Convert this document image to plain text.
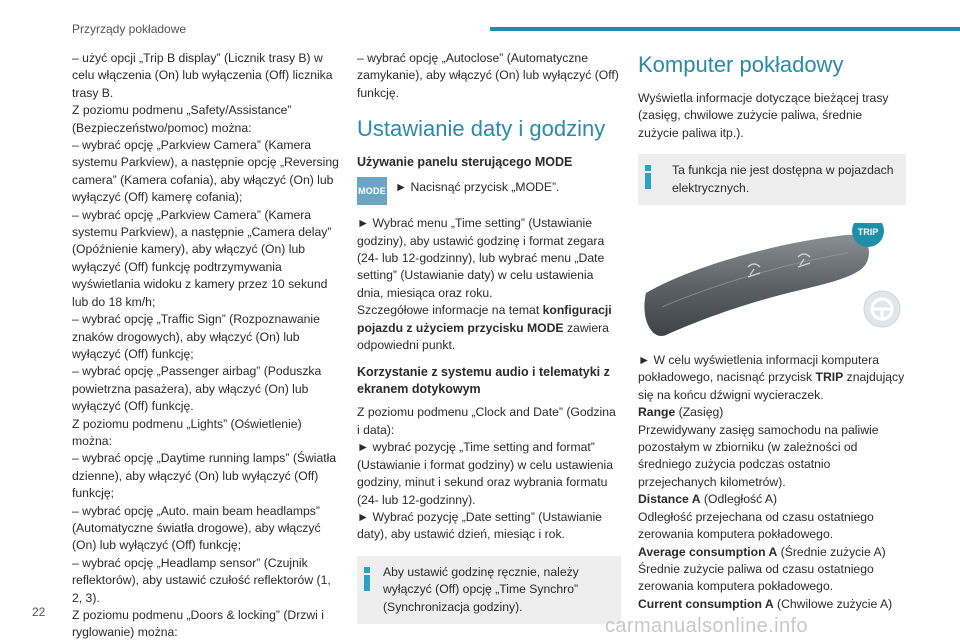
Przyrządy pokładowe

– użyć opcji „Trip B display” (Licznik trasy B) w celu włączenia (On) lub wyłączenia (Off) licznika trasy B.

Z poziomu podmenu „Safety/Assistance” (Bezpieczeństwo/pomoc) można:

– wybrać opcję „Parkview Camera” (Kamera systemu Parkview), a następnie opcję „Reversing camera” (Kamera cofania), aby włączyć (On) lub wyłączyć (Off) kamerę cofania);

– wybrać opcję „Parkview Camera” (Kamera systemu Parkview), a następnie „Camera delay” (Opóźnienie kamery), aby włączyć (On) lub wyłączyć (Off) funkcję podtrzymywania wyświetlania widoku z kamery przez 10 sekund lub do 18 km/h;

– wybrać opcję „Traffic Sign” (Rozpoznawanie znaków drogowych), aby włączyć (On) lub wyłączyć (Off) funkcję;

– wybrać opcję „Passenger airbag” (Poduszka powietrzna pasażera), aby włączyć (On) lub wyłączyć (Off) funkcję.

Z poziomu podmenu „Lights” (Oświetlenie) można:

– wybrać opcję „Daytime running lamps” (Światła dzienne), aby włączyć (On) lub wyłączyć (Off) funkcję;

– wybrać opcję „Auto. main beam headlamps” (Automatyczne światła drogowe), aby włączyć (On) lub wyłączyć (Off) funkcję;

– wybrać opcję „Headlamp sensor” (Czujnik reflektorów), aby ustawić czułość reflektorów (1, 2, 3).

Z poziomu podmenu „Doors & locking” (Drzwi i ryglowanie) można:

– wybrać opcję „Autoclose” (Automatyczne zamykanie), aby włączyć (On) lub wyłączyć (Off) funkcję.

Ustawianie daty i godziny
Używanie panelu sterującego MODE
MODE ► Nacisnąć przycisk „MODE”.

► Wybrać menu „Time setting” (Ustawianie godziny), aby ustawić godzinę i format zegara (24- lub 12-godzinny), lub wybrać menu „Date setting” (Ustawianie daty) w celu ustawienia dnia, miesiąca oraz roku.

Szczegółowe informacje na temat konfiguracji pojazdu z użyciem przycisku MODE zawiera odpowiedni punkt.

Korzystanie z systemu audio i telematyki z ekranem dotykowym

Z poziomu podmenu „Clock and Date” (Godzina i data):

► wybrać pozycję „Time setting and format” (Ustawianie i format godziny) w celu ustawienia godziny, minut i sekund oraz wybrania formatu (24- lub 12-godzinny).

► Wybrać pozycję „Date setting” (Ustawianie daty), aby ustawić dzień, miesiąc i rok.

Aby ustawić godzinę ręcznie, należy wyłączyć (Off) opcję „Time Synchro” (Synchronizacja godziny).

Komputer pokładowy

Wyświetla informacje dotyczące bieżącej trasy (zasięg, chwilowe zużycie paliwa, średnie zużycie paliwa itp.).

Ta funkcja nie jest dostępna w pojazdach elektrycznych.

TRIP

► W celu wyświetlenia informacji komputera pokładowego, nacisnąć przycisk TRIP znajdujący się na końcu dźwigni wycieraczek.

Range (Zasięg)

Przewidywany zasięg samochodu na paliwie pozostałym w zbiorniku (w zależności od średniego zużycia podczas ostatnio przejechanych kilometrów).

Distance A (Odległość A)

Odległość przejechana od czasu ostatniego zerowania komputera pokładowego.

Average consumption A (Średnie zużycie A)

Średnie zużycie paliwa od czasu ostatniego zerowania komputera pokładowego.

Current consumption A (Chwilowe zużycie A)

22
carmanualsonline.info
